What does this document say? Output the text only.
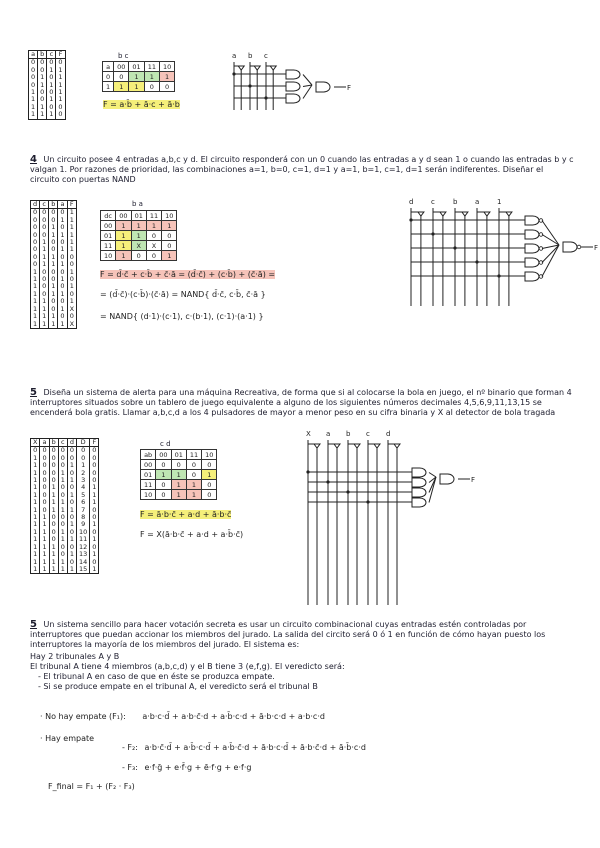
a	b	c	F
0	0	0	0
0	0	1	1
0	1	0	1
0	1	1	1
1	0	0	1
1	0	1	1
1	1	0	0
1	1	1	0
b c
a	00	01	11	10
0	0	1	1	1
1	1	1	0	0
F = a·b̄ + ā·c + ā·b
a b c
F
4 Un circuito posee 4 entradas a,b,c y d. El circuito responderá con un 0 cuando las entradas a y d sean 1 o cuando las entradas b y c valgan 1. Por razones de prioridad, las combinaciones a=1, b=0, c=1, d=1 y a=1, b=1, c=1, d=1 serán indiferentes. Diseñar el circuito con puertas NAND
d	c	b	a	F
0	0	0	0	1
0	0	0	1	1
0	0	1	0	1
0	0	1	1	1
0	1	0	0	1
0	1	0	1	1
0	1	1	0	0
0	1	1	1	0
1	0	0	0	1
1	0	0	1	0
1	0	1	0	1
1	0	1	1	0
1	1	0	0	1
1	1	0	1	X
1	1	1	0	0
1	1	1	1	X
b a
dc	00	01	11	10
00	1	1	1	1
01	1	1	0	0
11	1	X	X	0
10	1	0	0	1
F = d̄·c̄ + c·b̄ + c̄·ā = (d̄·c̄) + (c·b̄) + (c̄·ā) =
= (d̄·c̄)·(c·b̄)·(c̄·ā) = NAND{ d̄·c̄, c·b̄, c̄·ā }
= NAND{ (d·1)·(c·1), c·(b·1), (c·1)·(a·1) }
d	c	b	a	1
F
5 Diseña un sistema de alerta para una máquina Recreativa, de forma que si al colocarse la bola en juego, el nº binario que forman 4 interruptores situados sobre un tablero de juego equivalente a alguno de los siguientes números decimales 4,5,6,9,11,13,15 se encenderá bola gratis. Llamar a,b,c,d a los 4 pulsadores de mayor a menor peso en su cifra binaria y X al detector de bola tragada
X	a	b	c	d	D	F
0	0	0	0	0	0	0
1	0	0	0	0	0	0
1	0	0	0	1	1	0
1	0	0	1	0	2	0
1	0	0	1	1	3	0
1	0	1	0	0	4	1
1	0	1	0	1	5	1
1	0	1	1	0	6	1
1	0	1	1	1	7	0
1	1	0	0	0	8	0
1	1	0	0	1	9	1
1	1	0	1	0	10	0
1	1	0	1	1	11	1
1	1	1	0	0	12	0
1	1	1	0	1	13	1
1	1	1	1	0	14	0
1	1	1	1	1	15	1
c d
ab	00	01	11	10
00	0	0	0	0
01	1	1	0	1
11	0	1	1	0
10	0	1	1	0
F = ā·b·c̄ + a·d + ā·b·c̄
F = X(ā·b·c̄ + a·d + a·b̄·c̄)
X a b c d
F
5 Un sistema sencillo para hacer votación secreta es usar un circuito combinacional cuyas entradas estén controladas por interruptores que puedan accionar los miembros del jurado. La salida del circito será 0 ó 1 en función de cómo hayan puesto los interruptores la mayoría de los miembros del jurado. El sistema es:
Hay 2 tribunales A y B
El tribunal A tiene 4 miembros (a,b,c,d) y el B tiene 3 (e,f,g). El veredicto será:
- El tribunal A en caso de que en éste se produzca empate.
- Si se produce empate en el tribunal A, el veredicto será el tribunal B
· No hay empate (F₁): a·b·c·d̄ + a·b·c̄·d + a·b̄·c·d + ā·b·c·d + a·b·c·d
· Hay empate
- F₂: a·b·c̄·d̄ + a·b̄·c·d̄ + a·b̄·c̄·d + ā·b·c·d̄ + ā·b·c̄·d + ā·b̄·c·d
- F₃: e·f·ḡ + e·f̄·g + ē·f·g + e·f·g
F_final = F₁ + (F₂ · F₃)
